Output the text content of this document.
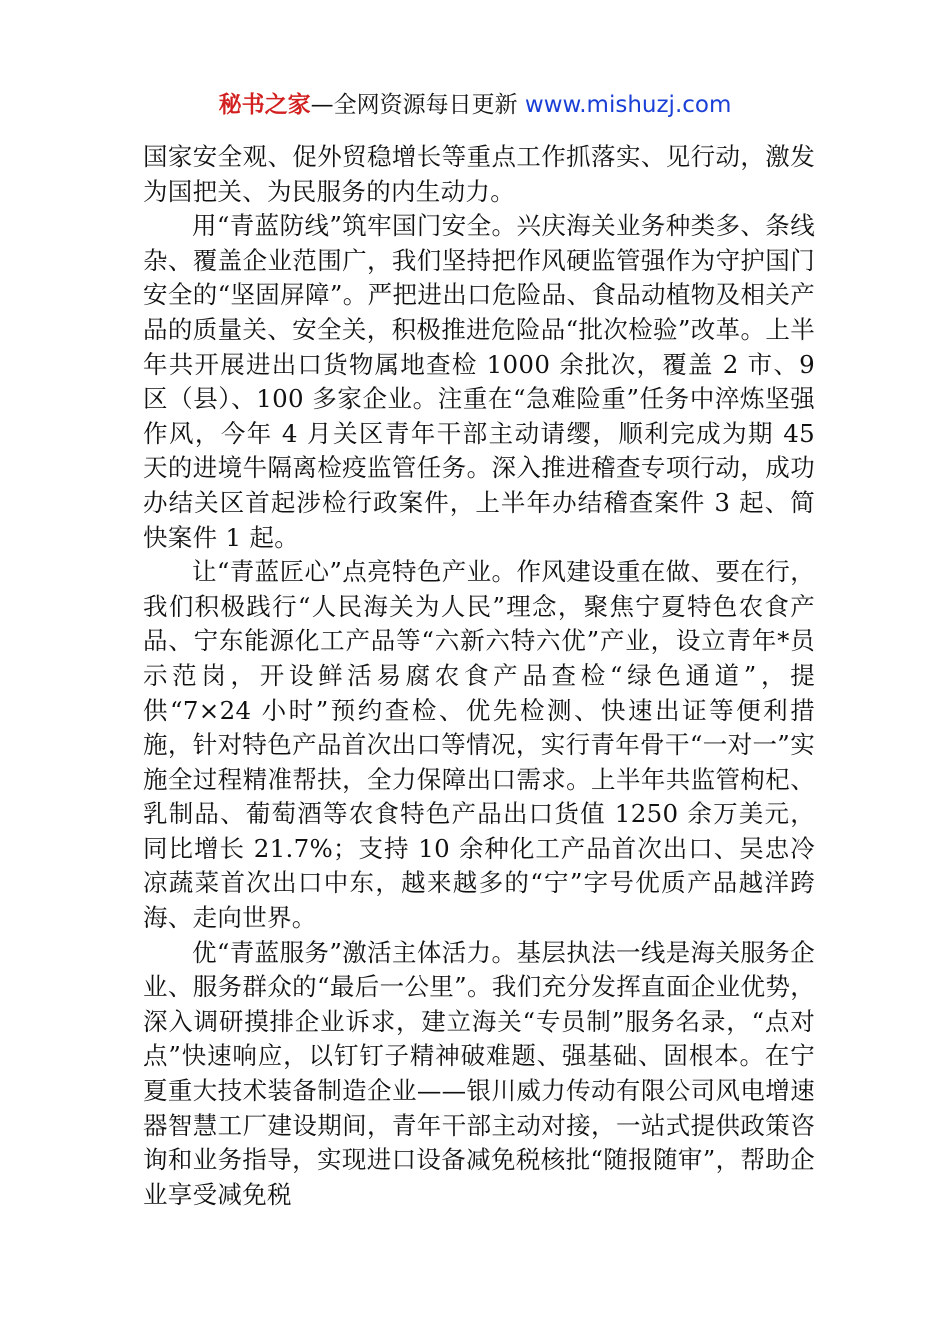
秘书之家—全网资源每日更新 www.mishuzj.com

国家安全观、促外贸稳增长等重点工作抓落实、见行动，激发为国把关、为民服务的内生动力。

用“青蓝防线”筑牢国门安全。兴庆海关业务种类多、条线杂、覆盖企业范围广，我们坚持把作风硬监管强作为守护国门安全的“坚固屏障”。严把进出口危险品、食品动植物及相关产品的质量关、安全关，积极推进危险品“批次检验”改革。上半年共开展进出口货物属地查检 1000 余批次，覆盖 2 市、9 区（县）、100 多家企业。注重在“急难险重”任务中淬炼坚强作风，今年 4 月关区青年干部主动请缨，顺利完成为期 45 天的进境牛隔离检疫监管任务。深入推进稽查专项行动，成功办结关区首起涉检行政案件，上半年办结稽查案件 3 起、简快案件 1 起。

让“青蓝匠心”点亮特色产业。作风建设重在做、要在行，我们积极践行“人民海关为人民”理念，聚焦宁夏特色农食产品、宁东能源化工产品等“六新六特六优”产业，设立青年*员示范岗，开设鲜活易腐农食产品查检“绿色通道”，提供“7×24 小时”预约查检、优先检测、快速出证等便利措施，针对特色产品首次出口等情况，实行青年骨干“一对一”实施全过程精准帮扶，全力保障出口需求。上半年共监管枸杞、乳制品、葡萄酒等农食特色产品出口货值 1250 余万美元，同比增长 21.7%；支持 10 余种化工产品首次出口、吴忠冷凉蔬菜首次出口中东，越来越多的“宁”字号优质产品越洋跨海、走向世界。

优“青蓝服务”激活主体活力。基层执法一线是海关服务企业、服务群众的“最后一公里”。我们充分发挥直面企业优势，深入调研摸排企业诉求，建立海关“专员制”服务名录，“点对点”快速响应，以钉钉子精神破难题、强基础、固根本。在宁夏重大技术装备制造企业——银川威力传动有限公司风电增速器智慧工厂建设期间，青年干部主动对接，一站式提供政策咨询和业务指导，实现进口设备减免税核批“随报随审”，帮助企业享受减免税
